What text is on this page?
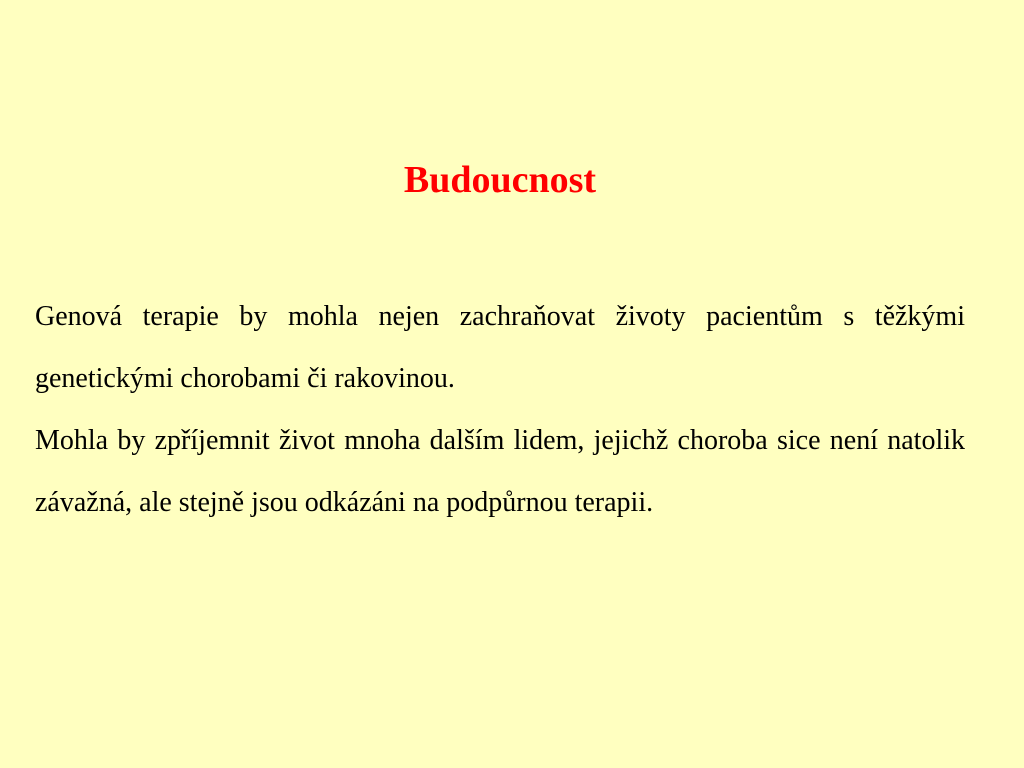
Budoucnost

Genová terapie by mohla nejen zachraňovat životy pacientům s těžkými genetickými chorobami či rakovinou.

Mohla by zpříjemnit život mnoha dalším lidem, jejichž choroba sice není natolik závažná, ale stejně jsou odkázáni na podpůrnou terapii.
